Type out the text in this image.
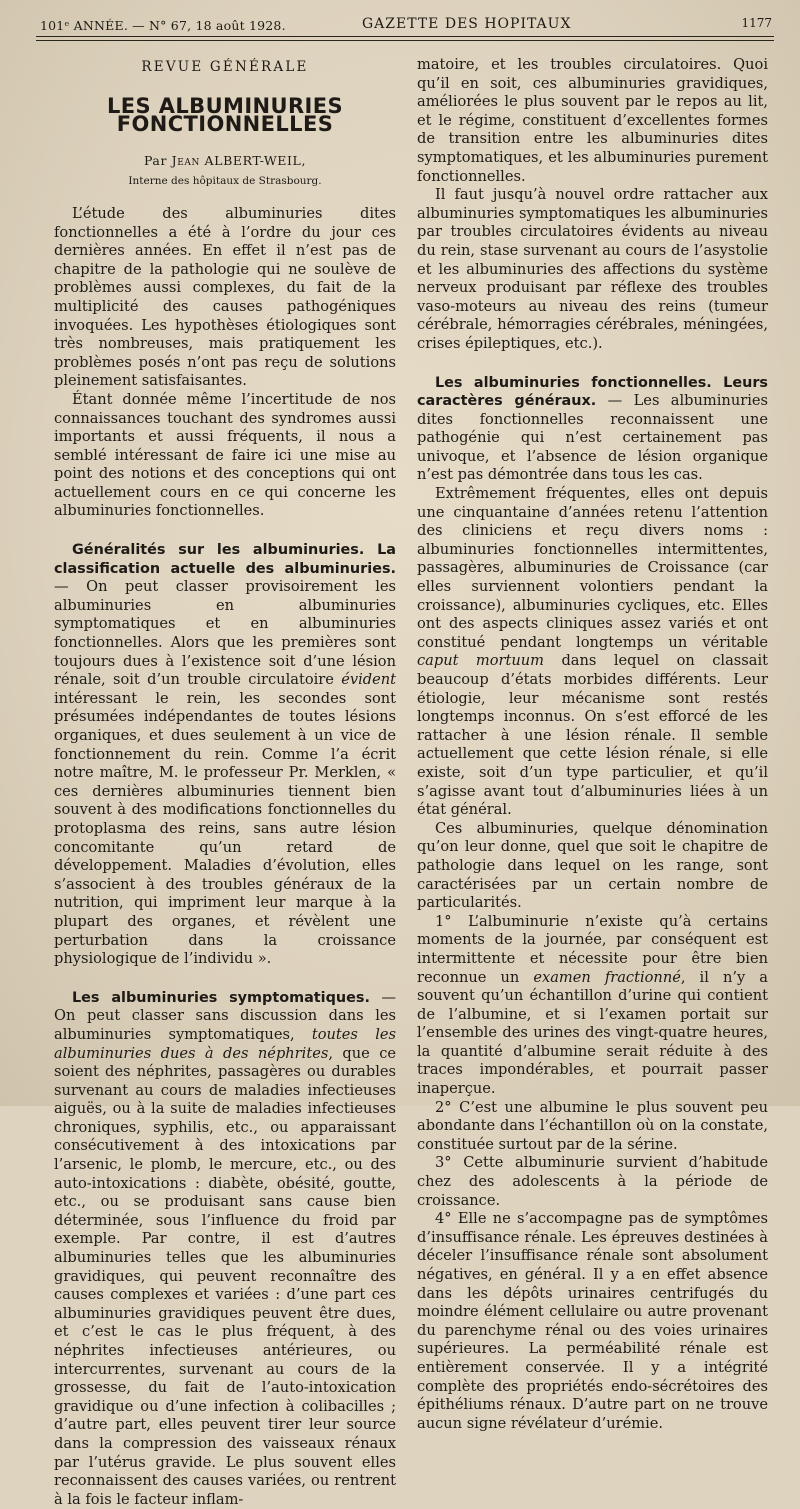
101ᵉ ANNÉE. — N° 67, 18 août 1928.	GAZETTE DES HOPITAUX	1177
REVUE GÉNÉRALE
LES ALBUMINURIES FONCTIONNELLES
Par Jean ALBERT-WEIL,
Interne des hôpitaux de Strasbourg.

L’étude des albuminuries dites fonctionnelles a été à l’ordre du jour ces dernières années. En effet il n’est pas de chapitre de la pathologie qui ne soulève de problèmes aussi complexes, du fait de la multiplicité des causes pathogéniques invoquées. Les hypothèses étiologiques sont très nombreuses, mais pratiquement les problèmes posés n’ont pas reçu de solutions pleinement satisfaisantes.

Étant donnée même l’incertitude de nos connaissances touchant des syndromes aussi importants et aussi fréquents, il nous a semblé intéressant de faire ici une mise au point des notions et des conceptions qui ont actuellement cours en ce qui concerne les albuminuries fonctionnelles.

Généralités sur les albuminuries. La classification actuelle des albuminuries. — On peut classer provisoirement les albuminuries en albuminuries symptomatiques et en albuminuries fonctionnelles. Alors que les premières sont toujours dues à l’existence soit d’une lésion rénale, soit d’un trouble circulatoire évident intéressant le rein, les secondes sont présumées indépendantes de toutes lésions organiques, et dues seulement à un vice de fonctionnement du rein. Comme l’a écrit notre maître, M. le professeur Pr. Merklen, « ces dernières albuminuries tiennent bien souvent à des modifications fonctionnelles du protoplasma des reins, sans autre lésion concomitante qu’un retard de développement. Maladies d’évolution, elles s’associent à des troubles généraux de la nutrition, qui impriment leur marque à la plupart des organes, et révèlent une perturbation dans la croissance physiologique de l’individu ».

Les albuminuries symptomatiques. — On peut classer sans discussion dans les albuminuries symptomatiques, toutes les albuminuries dues à des néphrites, que ce soient des néphrites, passagères ou durables survenant au cours de maladies infectieuses aiguës, ou à la suite de maladies infectieuses chroniques, syphilis, etc., ou apparaissant consécutivement à des intoxications par l’arsenic, le plomb, le mercure, etc., ou des auto-intoxications : diabète, obésité, goutte, etc., ou se produisant sans cause bien déterminée, sous l’influence du froid par exemple. Par contre, il est d’autres albuminuries telles que les albuminuries gravidiques, qui peuvent reconnaître des causes complexes et variées : d’une part ces albuminuries gravidiques peuvent être dues, et c’est le cas le plus fréquent, à des néphrites infectieuses antérieures, ou intercurrentes, survenant au cours de la grossesse, du fait de l’auto-intoxication gravidique ou d’une infection à colibacilles ; d’autre part, elles peuvent tirer leur source dans la compression des vaisseaux rénaux par l’utérus gravide. Le plus souvent elles reconnaissent des causes variées, ou rentrent à la fois le facteur inflam-

matoire, et les troubles circulatoires. Quoi qu’il en soit, ces albuminuries gravidiques, améliorées le plus souvent par le repos au lit, et le régime, constituent d’excellentes formes de transition entre les albuminuries dites symptomatiques, et les albuminuries purement fonctionnelles.

Il faut jusqu’à nouvel ordre rattacher aux albuminuries symptomatiques les albuminuries par troubles circulatoires évidents au niveau du rein, stase survenant au cours de l’asystolie et les albuminuries des affections du système nerveux produisant par réflexe des troubles vaso-moteurs au niveau des reins (tumeur cérébrale, hémorragies cérébrales, méningées, crises épileptiques, etc.).

Les albuminuries fonctionnelles. Leurs caractères généraux. — Les albuminuries dites fonctionnelles reconnaissent une pathogénie qui n’est certainement pas univoque, et l’absence de lésion organique n’est pas démontrée dans tous les cas.

Extrêmement fréquentes, elles ont depuis une cinquantaine d’années retenu l’attention des cliniciens et reçu divers noms : albuminuries fonctionnelles intermittentes, passagères, albuminuries de Croissance (car elles surviennent volontiers pendant la croissance), albuminuries cycliques, etc. Elles ont des aspects cliniques assez variés et ont constitué pendant longtemps un véritable caput mortuum dans lequel on classait beaucoup d’états morbides différents. Leur étiologie, leur mécanisme sont restés longtemps inconnus. On s’est efforcé de les rattacher à une lésion rénale. Il semble actuellement que cette lésion rénale, si elle existe, soit d’un type particulier, et qu’il s’agisse avant tout d’albuminuries liées à un état général.

Ces albuminuries, quelque dénomination qu’on leur donne, quel que soit le chapitre de pathologie dans lequel on les range, sont caractérisées par un certain nombre de particularités.

1° L’albuminurie n’existe qu’à certains moments de la journée, par conséquent est intermittente et nécessite pour être bien reconnue un examen fractionné, il n’y a souvent qu’un échantillon d’urine qui contient de l’albumine, et si l’examen portait sur l’ensemble des urines des vingt-quatre heures, la quantité d’albumine serait réduite à des traces impondérables, et pourrait passer inaperçue.

2° C’est une albumine le plus souvent peu abondante dans l’échantillon où on la constate, constituée surtout par de la sérine.

3° Cette albuminurie survient d’habitude chez des adolescents à la période de croissance.

4° Elle ne s’accompagne pas de symptômes d’insuffisance rénale. Les épreuves destinées à déceler l’insuffisance rénale sont absolument négatives, en général. Il y a en effet absence dans les dépôts urinaires centrifugés du moindre élément cellulaire ou autre provenant du parenchyme rénal ou des voies urinaires supérieures. La perméabilité rénale est entièrement conservée. Il y a intégrité complète des propriétés endo-sécrétoires des épithéliums rénaux. D’autre part on ne trouve aucun signe révélateur d’urémie.
